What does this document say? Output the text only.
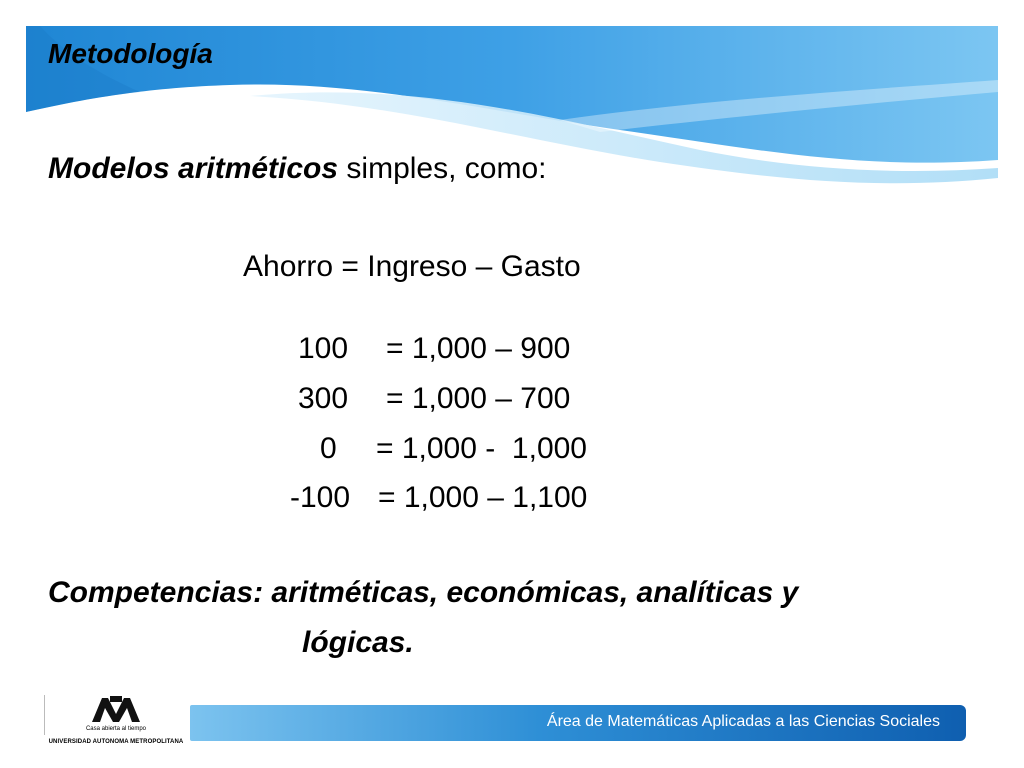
Metodología
Modelos aritméticos simples, como:
Ahorro = Ingreso – Gasto
100 = 1,000 – 900
300 = 1,000 – 700
0 = 1,000 -  1,000
-100 = 1,000 – 1,100
Competencias: aritméticas, económicas, analíticas y
lógicas.
Casa abierta al tiempo
UNIVERSIDAD AUTONOMA METROPOLITANA
Área de Matemáticas Aplicadas a las Ciencias Sociales
